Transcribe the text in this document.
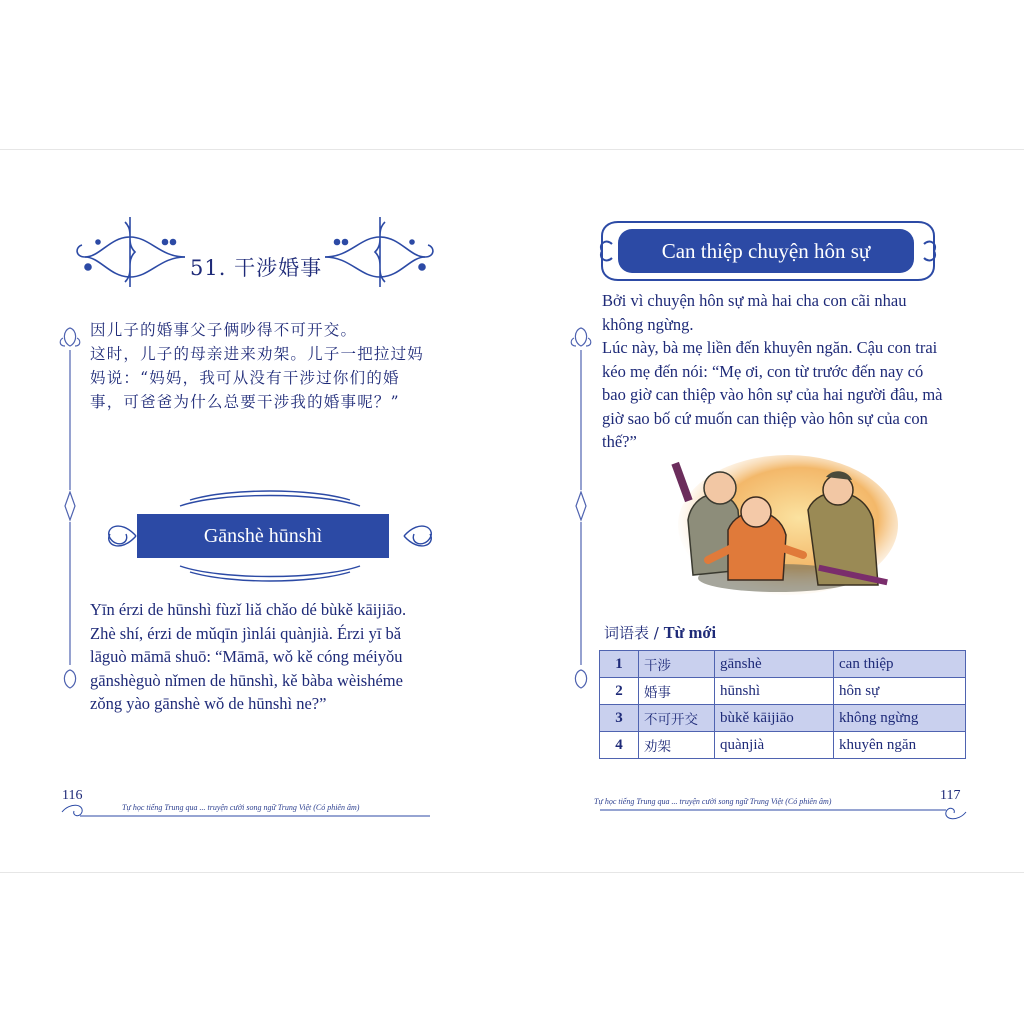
51. 干涉婚事
因儿子的婚事父子俩吵得不可开交。
这时，儿子的母亲进来劝架。儿子一把拉过妈
妈说：“妈妈，我可从没有干涉过你们的婚
事，可爸爸为什么总要干涉我的婚事呢？”
Gānshè hūnshì
Yīn érzi de hūnshì fùzǐ liǎ chǎo dé bùkě kāijiāo.
Zhè shí, érzi de mǔqīn jìnlái quànjià. Érzi yī bǎ
lāguò māmā shuō: “Māmā, wǒ kě cóng méiyǒu
gānshèguò nǐmen de hūnshì, kě bàba wèishéme
zǒng yào gānshè wǒ de hūnshì ne?”
116
Tự học tiếng Trung qua ... truyện cười song ngữ Trung Việt (Có phiên âm)
Can thiệp chuyện hôn sự
Bởi vì chuyện hôn sự mà hai cha con cãi nhau
không ngừng.
Lúc này, bà mẹ liền đến khuyên ngăn. Cậu con trai
kéo mẹ đến nói: “Mẹ ơi, con từ trước đến nay có
bao giờ can thiệp vào hôn sự của hai người đâu, mà
giờ sao bố cứ muốn can thiệp vào hôn sự của con
thế?”
词语表 / Từ mới
1	干涉	gānshè	can thiệp
2	婚事	hūnshì	hôn sự
3	不可开交	bùkě kāijiāo	không ngừng
4	劝架	quànjià	khuyên ngăn
Tự học tiếng Trung qua ... truyện cười song ngữ Trung Việt (Có phiên âm)	117
